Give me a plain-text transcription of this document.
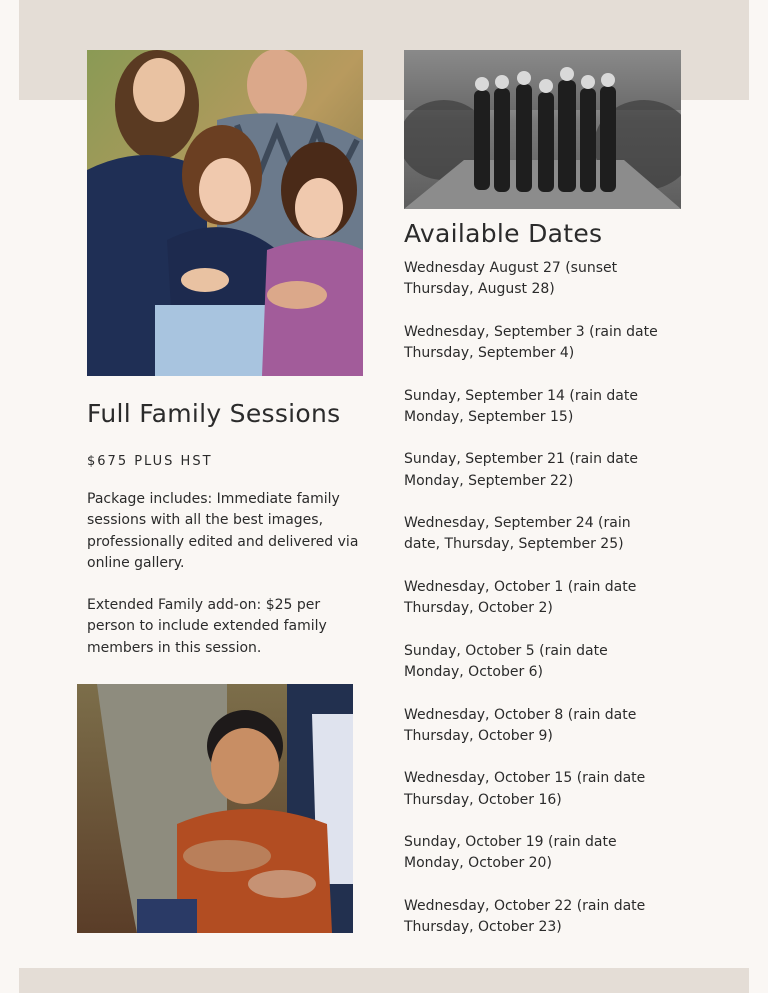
Available Dates
Wednesday August 27 (sunset
Thursday, August 28)
Wednesday, September 3 (rain date
Thursday, September 4)
Sunday, September 14 (rain date
Monday, September 15)
Sunday, September 21 (rain date
Monday, September 22)
Wednesday, September 24 (rain
date, Thursday, September 25)
Wednesday, October 1 (rain date
Thursday, October 2)
Sunday, October 5 (rain date
Monday, October 6)
Wednesday, October 8 (rain date
Thursday, October 9)
Wednesday, October 15 (rain date
Thursday, October 16)
Sunday, October 19 (rain date
Monday, October 20)
Wednesday, October 22 (rain date
Thursday, October 23)
Full Family Sessions
$675 PLUS HST

Package includes: Immediate family sessions with all the best images, professionally edited and delivered via online gallery.

Extended Family add-on: $25 per person to include extended family members in this session.
